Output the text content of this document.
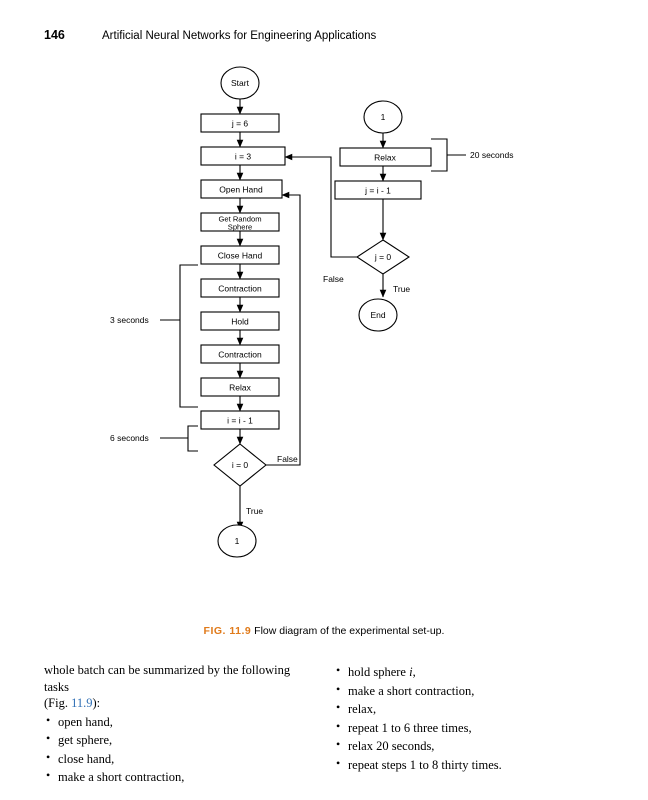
146	Artificial Neural Networks for Engineering Applications
Start
j = 6
i = 3
Open Hand
Get Random
Sphere
Close Hand
Contraction
Hold
Contraction
Relax
i = i - 1
i = 0
False
True
1
1
Relax
j = i - 1
j = 0
False
True
End
3 seconds
6 seconds
20 seconds
FIG. 11.9 Flow diagram of the experimental set-up.

whole batch can be summarized by the following tasks
(Fig. 11.9):

• open hand,
• get sphere,
• close hand,
• make a short contraction,
• hold sphere i,
• make a short contraction,
• relax,
• repeat 1 to 6 three times,
• relax 20 seconds,
• repeat steps 1 to 8 thirty times.
